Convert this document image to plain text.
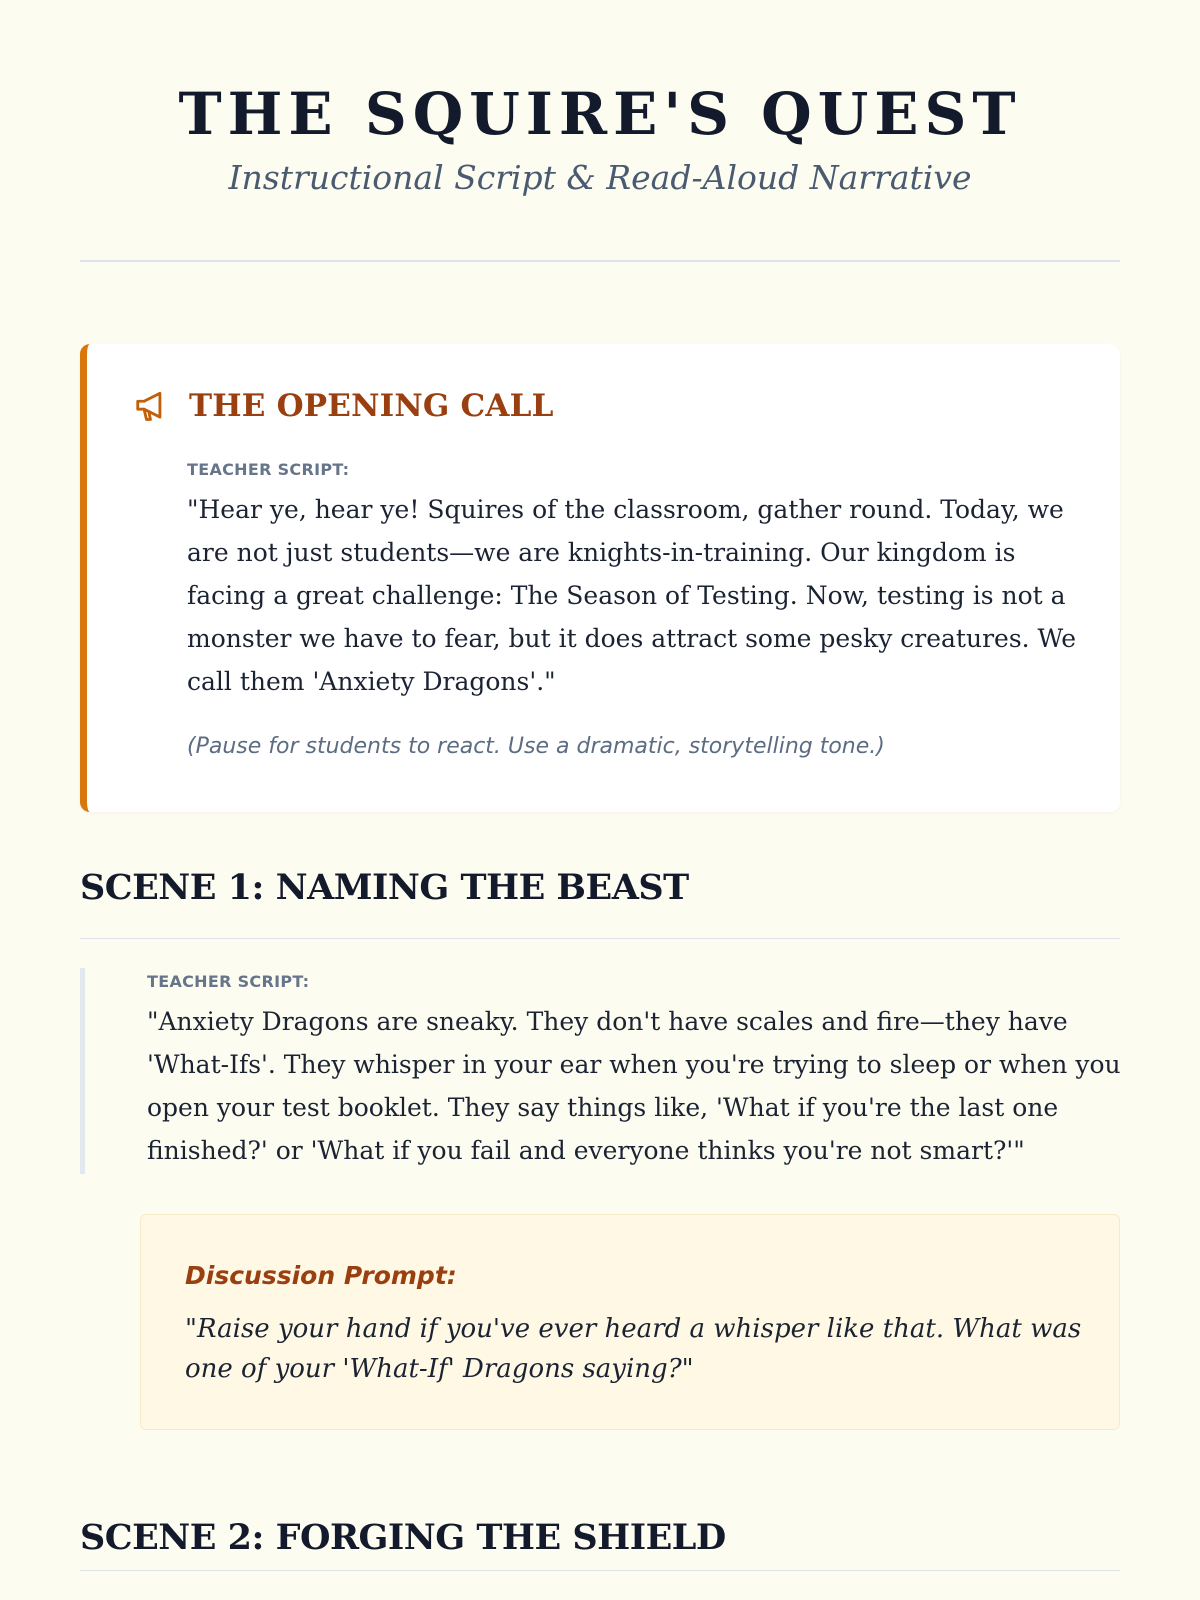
THE SQUIRE'S QUEST
Instructional Script & Read-Aloud Narrative
THE OPENING CALL
TEACHER SCRIPT:
"Hear ye, hear ye! Squires of the classroom, gather round. Today, we are not just students—we are knights-in-training. Our kingdom is facing a great challenge: The Season of Testing. Now, testing is not a monster we have to fear, but it does attract some pesky creatures. We call them 'Anxiety Dragons'."
(Pause for students to react. Use a dramatic, storytelling tone.)
SCENE 1: NAMING THE BEAST
TEACHER SCRIPT:
"Anxiety Dragons are sneaky. They don't have scales and fire—they have 'What-Ifs'. They whisper in your ear when you're trying to sleep or when you open your test booklet. They say things like, 'What if you're the last one finished?' or 'What if you fail and everyone thinks you're not smart?'"
Discussion Prompt:
"Raise your hand if you've ever heard a whisper like that. What was one of your 'What-If' Dragons saying?"
SCENE 2: FORGING THE SHIELD
